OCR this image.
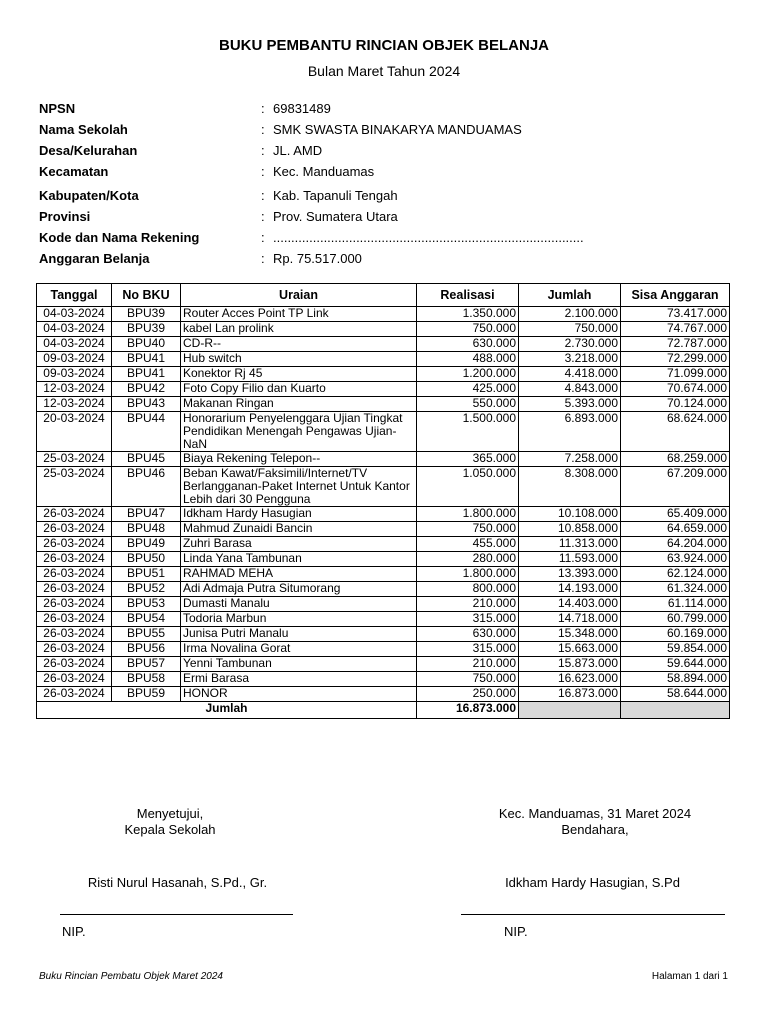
BUKU PEMBANTU RINCIAN OBJEK BELANJA
Bulan Maret Tahun 2024
NPSN	: 69831489
Nama Sekolah	: SMK SWASTA BINAKARYA MANDUAMAS
Desa/Kelurahan	: JL. AMD
Kecamatan	: Kec. Manduamas
Kabupaten/Kota	: Kab. Tapanuli Tengah
Provinsi	: Prov. Sumatera Utara
Kode dan Nama Rekening	: ......................................................................................
Anggaran Belanja	: Rp. 75.517.000
Tanggal	No BKU	Uraian	Realisasi	Jumlah	Sisa Anggaran
04-03-2024	BPU39	Router Acces Point TP Link	1.350.000	2.100.000	73.417.000
04-03-2024	BPU39	kabel Lan prolink	750.000	750.000	74.767.000
04-03-2024	BPU40	CD-R--	630.000	2.730.000	72.787.000
09-03-2024	BPU41	Hub switch	488.000	3.218.000	72.299.000
09-03-2024	BPU41	Konektor Rj 45	1.200.000	4.418.000	71.099.000
12-03-2024	BPU42	Foto Copy Filio dan Kuarto	425.000	4.843.000	70.674.000
12-03-2024	BPU43	Makanan Ringan	550.000	5.393.000	70.124.000
20-03-2024	BPU44	Honorarium Penyelenggara Ujian Tingkat Pendidikan Menengah Pengawas Ujian-NaN	1.500.000	6.893.000	68.624.000
25-03-2024	BPU45	Biaya Rekening Telepon--	365.000	7.258.000	68.259.000
25-03-2024	BPU46	Beban Kawat/Faksimili/Internet/TV Berlangganan-Paket Internet Untuk Kantor Lebih dari 30 Pengguna	1.050.000	8.308.000	67.209.000
26-03-2024	BPU47	Idkham Hardy Hasugian	1.800.000	10.108.000	65.409.000
26-03-2024	BPU48	Mahmud Zunaidi Bancin	750.000	10.858.000	64.659.000
26-03-2024	BPU49	Zuhri Barasa	455.000	11.313.000	64.204.000
26-03-2024	BPU50	Linda Yana Tambunan	280.000	11.593.000	63.924.000
26-03-2024	BPU51	RAHMAD MEHA	1.800.000	13.393.000	62.124.000
26-03-2024	BPU52	Adi Admaja Putra Situmorang	800.000	14.193.000	61.324.000
26-03-2024	BPU53	Dumasti Manalu	210.000	14.403.000	61.114.000
26-03-2024	BPU54	Todoria Marbun	315.000	14.718.000	60.799.000
26-03-2024	BPU55	Junisa Putri Manalu	630.000	15.348.000	60.169.000
26-03-2024	BPU56	Irma Novalina Gorat	315.000	15.663.000	59.854.000
26-03-2024	BPU57	Yenni Tambunan	210.000	15.873.000	59.644.000
26-03-2024	BPU58	Ermi Barasa	750.000	16.623.000	58.894.000
26-03-2024	BPU59	HONOR	250.000	16.873.000	58.644.000
Jumlah			16.873.000		
Menyetujui,
Kepala Sekolah
Kec. Manduamas, 31 Maret 2024
Bendahara,
Risti Nurul Hasanah, S.Pd., Gr.	Idkham Hardy Hasugian, S.Pd
NIP.	NIP.
Buku Rincian Pembatu Objek Maret 2024	Halaman 1 dari 1
